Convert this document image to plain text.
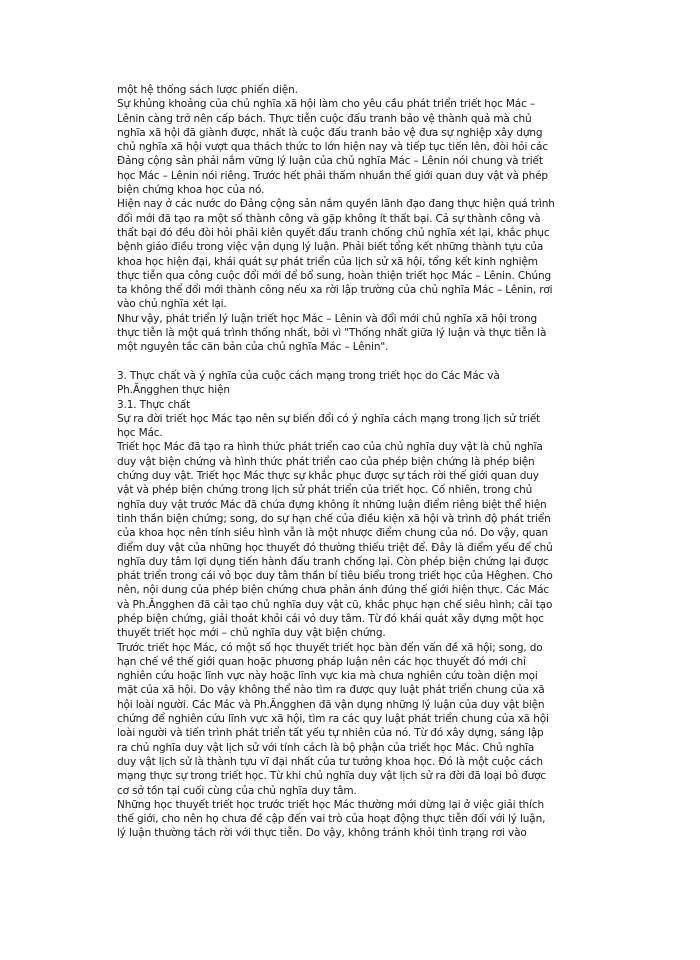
một hệ thống sách lược phiến diện.
Sự khủng khoảng của chủ nghĩa xã hội làm cho yêu cầu phát triển triết học Mác –
Lênin càng trở nên cấp bách. Thực tiễn cuộc đấu tranh bảo vệ thành quả mà chủ
nghĩa xã hội đã giành được, nhất là cuộc đấu tranh bảo vệ đưa sự nghiệp xây dựng
chủ nghĩa xã hội vượt qua thách thức to lớn hiện nay và tiếp tục tiến lên, đòi hỏi các
Đảng cộng sản phải nắm vững lý luận của chủ nghĩa Mác – Lênin nói chung và triết
học Mác – Lênin nói riêng. Trước hết phải thấm nhuần thế giới quan duy vật và phép
biện chứng khoa học của nó.
Hiện nay ở các nước do Đảng cộng sản nắm quyền lãnh đạo đang thực hiện quá trình
đổi mới đã tạo ra một số thành công và gặp không ít thất bại. Cả sự thành công và
thất bại đó đều đòi hỏi phải kiên quyết đấu tranh chống chủ nghĩa xét lại, khắc phục
bệnh giáo điều trong việc vận dụng lý luận. Phải biết tổng kết những thành tựu của
khoa học hiện đại, khái quát sự phát triển của lịch sử xã hội, tổng kết kinh nghiệm
thực tiễn qua công cuộc đổi mới để bổ sung, hoàn thiện triết học Mác – Lênin. Chúng
ta không thể đổi mới thành công nếu xa rời lập trường của chủ nghĩa Mác – Lênin, rơi
vào chủ nghĩa xét lại.
Như vậy, phát triển lý luận triết học Mác – Lênin và đổi mới chủ nghĩa xã hội trong
thực tiễn là một quá trình thống nhất, bởi vì "Thống nhất giữa lý luận và thực tiễn là
một nguyên tắc căn bản của chủ nghĩa Mác – Lênin".
3. Thực chất và ý nghĩa của cuộc cách mạng trong triết học do Các Mác và
Ph.Ăngghen thực hiện
3.1. Thực chất
Sự ra đời triết học Mác tạo nên sự biến đổi có ý nghĩa cách mạng trong lịch sử triết
học Mác.
Triết học Mác đã tạo ra hình thức phát triển cao của chủ nghĩa duy vật là chủ nghĩa
duy vật biện chứng và hình thức phát triển cao của phép biện chứng là phép biện
chứng duy vật. Triết học Mác thực sự khắc phục được sự tách rời thế giới quan duy
vật và phép biện chứng trong lịch sử phát triển của triết học. Cố nhiên, trong chủ
nghĩa duy vật trước Mác đã chứa đựng không ít những luận điểm riêng biệt thể hiện
tinh thần biện chứng; song, do sự hạn chế của điều kiện xã hội và trình độ phát triển
của khoa học nên tính siêu hình vẫn là một nhược điểm chung của nó. Do vậy, quan
điểm duy vật của những học thuyết đó thường thiếu triệt để. Đây là điểm yếu để chủ
nghĩa duy tâm lợi dụng tiến hành đấu tranh chống lại. Còn phép biện chứng lại được
phát triển trong cái vỏ bọc duy tâm thần bí tiêu biểu trong triết học của Hêghen. Cho
nên, nội dung của phép biện chứng chưa phản ánh đúng thế giới hiện thực. Các Mác
và Ph.Ăngghen đã cải tạo chủ nghĩa duy vật cũ, khắc phục hạn chế siêu hình; cải tạo
phép biện chứng, giải thoát khỏi cái vỏ duy tâm. Từ đó khái quát xây dựng một học
thuyết triết học mới – chủ nghĩa duy vật biện chứng.
Trước triết học Mác, có một số học thuyết triết học bàn đến vấn đề xã hội; song, do
hạn chế về thế giới quan hoặc phương pháp luận nên các học thuyết đó mới chỉ
nghiên cứu hoặc lĩnh vực này hoặc lĩnh vực kia mà chưa nghiên cứu toàn diện mọi
mặt của xã hội. Do vậy không thể nào tìm ra được quy luật phát triển chung của xã
hội loài người. Các Mác và Ph.Ăngghen đã vận dụng những lý luận của duy vật biện
chứng để nghiên cứu lĩnh vực xã hội, tìm ra các quy luật phát triển chung của xã hội
loài người và tiến trình phát triển tất yếu tự nhiên của nó. Từ đó xây dựng, sáng lập
ra chủ nghĩa duy vật lịch sử với tính cách là bộ phận của triết học Mác. Chủ nghĩa
duy vật lịch sử là thành tựu vĩ đại nhất của tư tưởng khoa học. Đó là một cuộc cách
mạng thực sự trong triết học. Từ khi chủ nghĩa duy vật lịch sử ra đời đã loại bỏ được
cơ sở tồn tại cuối cùng của chủ nghĩa duy tâm.
Những học thuyết triết học trước triết học Mác thường mới dừng lại ở việc giải thích
thế giới, cho nên họ chưa đề cập đến vai trò của hoạt động thực tiễn đối với lý luận,
lý luận thường tách rời với thực tiễn. Do vậy, không tránh khỏi tình trạng rơi vào
